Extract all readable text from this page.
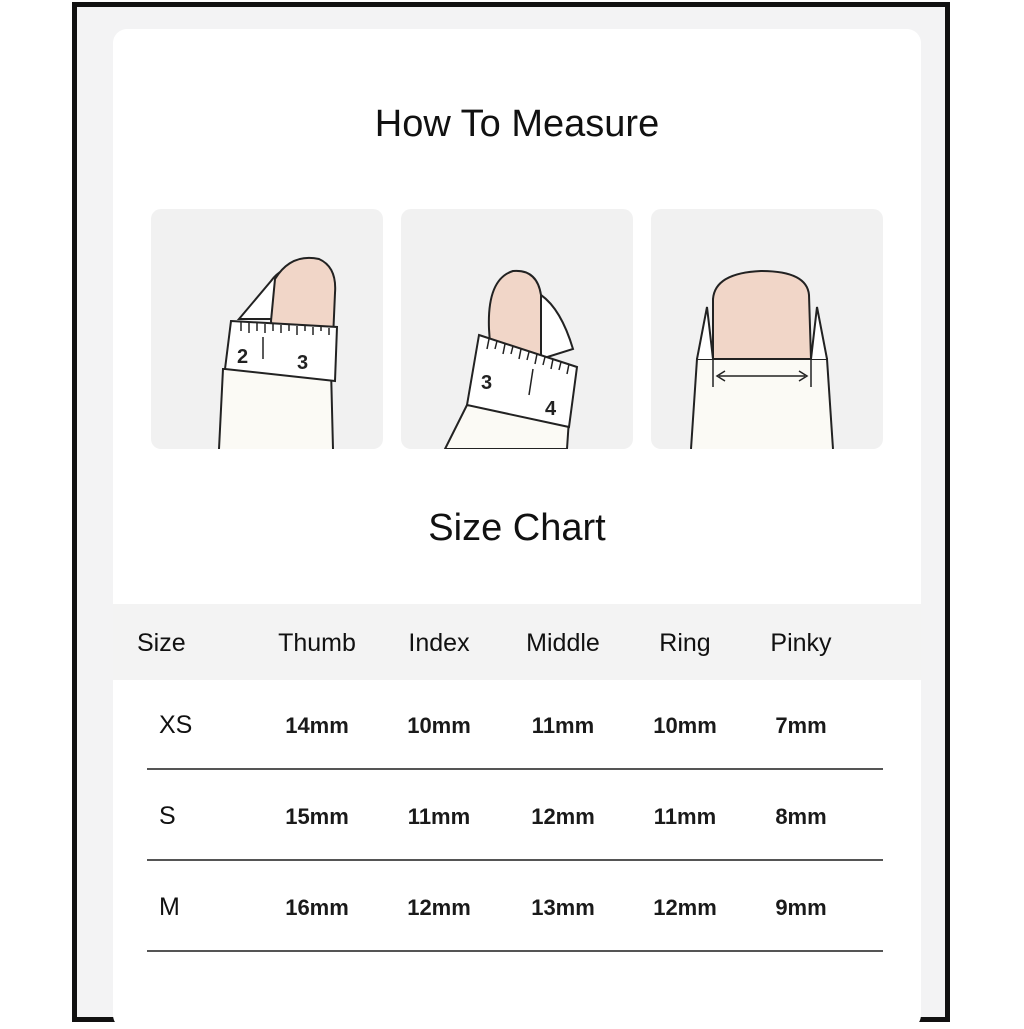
How To Measure
2 3
3
4
Size Chart
Size	Thumb	Index	Middle	Ring	Pinky
XS	14mm	10mm	11mm	10mm	7mm
S	15mm	11mm	12mm	11mm	8mm
M	16mm	12mm	13mm	12mm	9mm
